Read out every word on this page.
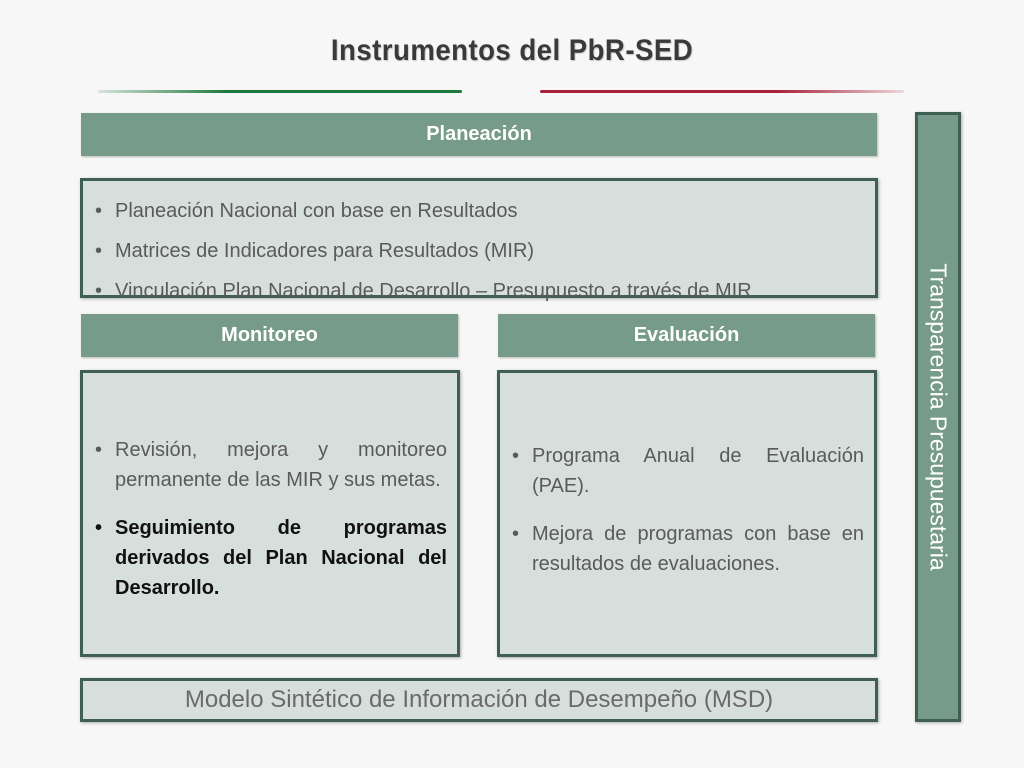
Instrumentos del PbR-SED
Planeación
• Planeación Nacional con base en Resultados
• Matrices de Indicadores para Resultados (MIR)
• Vinculación Plan Nacional de Desarrollo – Presupuesto a través de MIR
Monitoreo	Evaluación
• Revisión, mejora y monitoreo permanente de las MIR y sus metas.
• Seguimiento de programas derivados del Plan Nacional del Desarrollo.
• Programa Anual de Evaluación (PAE).
• Mejora de programas con base en resultados de evaluaciones.
Modelo Sintético de Información de Desempeño (MSD)
Transparencia Presupuestaria
